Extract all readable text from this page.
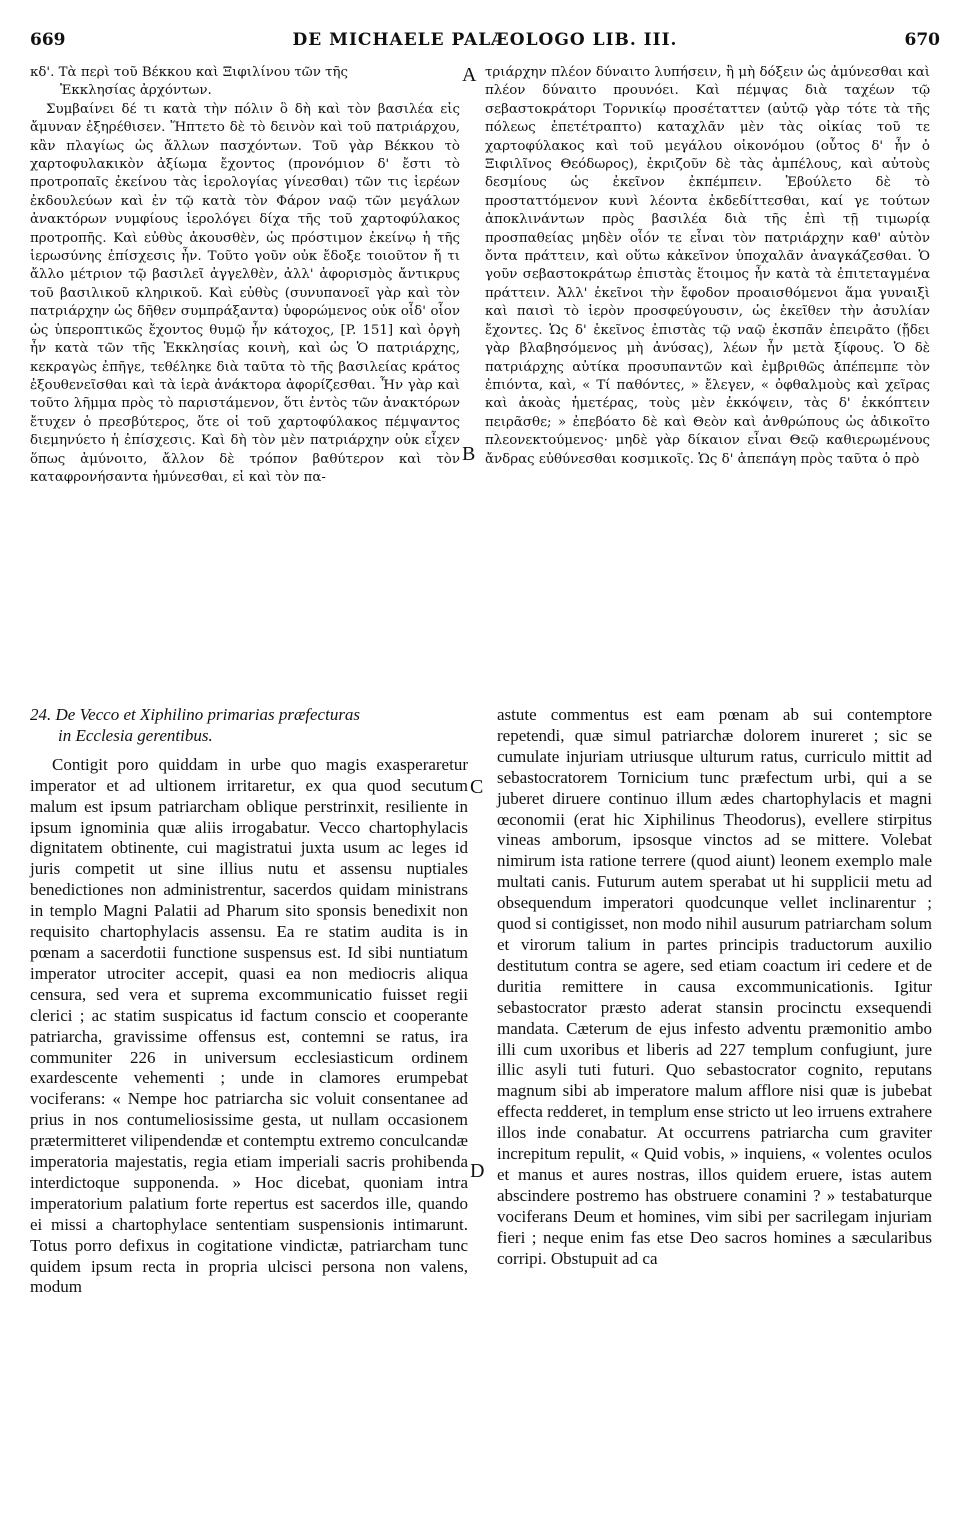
669	DE MICHAELE PALÆOLOGO LIB. III.	670

κδ'. Τὰ περὶ τοῦ Βέκκου καὶ Ξιφιλίνου τῶν τῆς
Ἐκκλησίας ἀρχόντων.

Συμβαίνει δέ τι κατὰ τὴν πόλιν ὃ δὴ καὶ τὸν βασιλέα εἰς ἄμυναν ἐξηρέθισεν. Ἥπτετο δὲ τὸ δεινὸν καὶ τοῦ πατριάρχου, κἂν πλαγίως ὡς ἄλλων πασχόντων. Τοῦ γὰρ Βέκκου τὸ χαρτοφυλακικὸν ἀξίωμα ἔχοντος (προνόμιον δ' ἔστι τὸ προτροπαῖς ἐκείνου τὰς ἱερολογίας γίνεσθαι) τῶν τις ἱερέων ἐκδουλεύων καὶ ἐν τῷ κατὰ τὸν Φάρον ναῷ τῶν μεγάλων ἀνακτόρων νυμφίους ἱερολόγει δίχα τῆς τοῦ χαρτοφύλακος προτροπῆς. Καὶ εὐθὺς ἀκουσθὲν, ὡς πρόστιμον ἐκείνῳ ἡ τῆς ἱερωσύνης ἐπίσχεσις ἦν. Τοῦτο γοῦν οὐκ ἔδοξε τοιοῦτον ἤ τι ἄλλο μέτριον τῷ βασιλεῖ ἀγγελθὲν, ἀλλ' ἀφορισμὸς ἄντικρυς τοῦ βασιλικοῦ κληρικοῦ. Καὶ εὐθὺς (συνυπανοεῖ γὰρ καὶ τὸν πατριάρχην ὡς δῆθεν συμπράξαντα) ὑφορώμενος οὐκ οἶδ' οἷον ὡς ὑπεροπτικῶς ἔχοντος θυμῷ ἦν κάτοχος, [P. 151] καὶ ὀργὴ ἦν κατὰ τῶν τῆς Ἐκκλησίας κοινὴ, καὶ ὡς Ὁ πατριάρχης, κεκραγὼς ἐπῆγε, τεθέληκε διὰ ταῦτα τὸ τῆς βασιλείας κράτος ἐξουθενεῖσθαι καὶ τὰ ἱερὰ ἀνάκτορα ἀφορίζεσθαι. Ἦν γὰρ καὶ τοῦτο λῆμμα πρὸς τὸ παριστάμενον, ὅτι ἐντὸς τῶν ἀνακτόρων ἔτυχεν ὁ πρεσβύτερος, ὅτε οἱ τοῦ χαρτοφύλακος πέμψαντος διεμηνύετο ἡ ἐπίσχεσις. Καὶ δὴ τὸν μὲν πατριάρχην οὐκ εἶχεν ὅπως ἀμύνοιτο, ἄλλον δὲ τρόπον βαθύτερον καὶ τὸν καταφρονήσαντα ἠμύνεσθαι, εἰ καὶ τὸν πα-

τριάρχην πλέον δύναιτο λυπήσειν, ἢ μὴ δόξειν ὡς ἀμύνεσθαι καὶ πλέον δύναιτο προυνόει. Καὶ πέμψας διὰ ταχέων τῷ σεβαστοκράτορι Τορνικίῳ προσέταττεν (αὐτῷ γὰρ τότε τὰ τῆς πόλεως ἐπετέτραπτο) καταχλᾶν μὲν τὰς οἰκίας τοῦ τε χαρτοφύλακος καὶ τοῦ μεγάλου οἰκονόμου (οὗτος δ' ἦν ὁ Ξιφιλῖνος Θεόδωρος), ἐκριζοῦν δὲ τὰς ἀμπέλους, καὶ αὐτοὺς δεσμίους ὡς ἐκεῖνον ἐκπέμπειν. Ἐβούλετο δὲ τὸ προσταττόμενον κυνὶ λέοντα ἐκδεδίττεσθαι, καί γε τούτων ἀποκλινάντων πρὸς βασιλέα διὰ τῆς ἐπὶ τῇ τιμωρίᾳ προσπαθείας μηδὲν οἷόν τε εἶναι τὸν πατριάρχην καθ' αὑτὸν ὄντα πράττειν, καὶ οὕτω κἀκεῖνον ὑποχαλᾶν ἀναγκάζεσθαι. Ὁ γοῦν σεβαστοκράτωρ ἐπιστὰς ἕτοιμος ἦν κατὰ τὰ ἐπιτεταγμένα πράττειν. Ἀλλ' ἐκεῖνοι τὴν ἔφοδον προαισθόμενοι ἅμα γυναιξὶ καὶ παισὶ τὸ ἱερὸν προσφεύγουσιν, ὡς ἐκεῖθεν τὴν ἀσυλίαν ἔχοντες. Ὡς δ' ἐκεῖνος ἐπιστὰς τῷ ναῷ ἐκσπᾶν ἐπειρᾶτο (ᾔδει γὰρ βλαβησόμενος μὴ ἀνύσας), λέων ἦν μετὰ ξίφους. Ὁ δὲ πατριάρχης αὐτίκα προσυπαντῶν καὶ ἐμβριθῶς ἀπέπεμπε τὸν ἐπιόντα, καὶ, « Τί παθόντες, » ἔλεγεν, « ὀφθαλμοὺς καὶ χεῖρας καὶ ἀκοὰς ἡμετέρας, τοὺς μὲν ἐκκόψειν, τὰς δ' ἐκκόπτειν πειρᾶσθε; » ἐπεβόατο δὲ καὶ Θεὸν καὶ ἀνθρώπους ὡς ἀδικοῖτο πλεονεκτούμενος· μηδὲ γὰρ δίκαιον εἶναι Θεῷ καθιερωμένους ἄνδρας εὐθύνεσθαι κοσμικοῖς. Ὡς δ' ἀπεπάγη πρὸς ταῦτα ὁ πρὸ

A
B
C
D

24. De Vecco et Xiphilino primarias præfecturas
in Ecclesia gerentibus.

Contigit poro quiddam in urbe quo magis exasperaretur imperator et ad ultionem irritaretur, ex qua quod secutum malum est ipsum patriarcham oblique perstrinxit, resiliente in ipsum ignominia quæ aliis irrogabatur. Vecco chartophylacis dignitatem obtinente, cui magistratui juxta usum ac leges id juris competit ut sine illius nutu et assensu nuptiales benedictiones non administrentur, sacerdos quidam ministrans in templo Magni Palatii ad Pharum sito sponsis benedixit non requisito chartophylacis assensu. Ea re statim audita is in pœnam a sacerdotii functione suspensus est. Id sibi nuntiatum imperator utrociter accepit, quasi ea non mediocris aliqua censura, sed vera et suprema excommunicatio fuisset regii clerici ; ac statim suspicatus id factum conscio et cooperante patriarcha, gravissime offensus est, contemni se ratus, ira communiter 226 in universum ecclesiasticum ordinem exardescente vehementi ; unde in clamores erumpebat vociferans: « Nempe hoc patriarcha sic voluit consentanee ad prius in nos contumeliosissime gesta, ut nullam occasionem prætermitteret vilipendendæ et contemptu extremo conculcandæ imperatoria majestatis, regia etiam imperiali sacris prohibenda interdictoque supponenda. » Hoc dicebat, quoniam intra imperatorium palatium forte repertus est sacerdos ille, quando ei missi a chartophylace sententiam suspensionis intimarunt. Totus porro defixus in cogitatione vindictæ, patriarcham tunc quidem ipsum recta in propria ulcisci persona non valens, modum

astute commentus est eam pœnam ab sui contemptore repetendi, quæ simul patriarchæ dolorem inureret ; sic se cumulate injuriam utriusque ulturum ratus, curriculo mittit ad sebastocratorem Tornicium tunc præfectum urbi, qui a se juberet diruere continuo illum ædes chartophylacis et magni œconomii (erat hic Xiphilinus Theodorus), evellere stirpitus vineas amborum, ipsosque vinctos ad se mittere. Volebat nimirum ista ratione terrere (quod aiunt) leonem exemplo male multati canis. Futurum autem sperabat ut hi supplicii metu ad obsequendum imperatori quodcunque vellet inclinarentur ; quod si contigisset, non modo nihil ausurum patriarcham solum et virorum talium in partes principis traductorum auxilio destitutum contra se agere, sed etiam coactum iri cedere et de duritia remittere in causa excommunicationis. Igitur sebastocrator præsto aderat stansin procinctu exsequendi mandata. Cæterum de ejus infesto adventu præmonitio ambo illi cum uxoribus et liberis ad 227 templum confugiunt, jure illic asyli tuti futuri. Quo sebastocrator cognito, reputans magnum sibi ab imperatore malum afflore nisi quæ is jubebat effecta redderet, in templum ense stricto ut leo irruens extrahere illos inde conabatur. At occurrens patriarcha cum graviter increpitum repulit, « Quid vobis, » inquiens, « volentes oculos et manus et aures nostras, illos quidem eruere, istas autem abscindere postremo has obstruere conamini ? » testabaturque vociferans Deum et homines, vim sibi per sacrilegam injuriam fieri ; neque enim fas etse Deo sacros homines a sæcularibus corripi. Obstupuit ad ca
